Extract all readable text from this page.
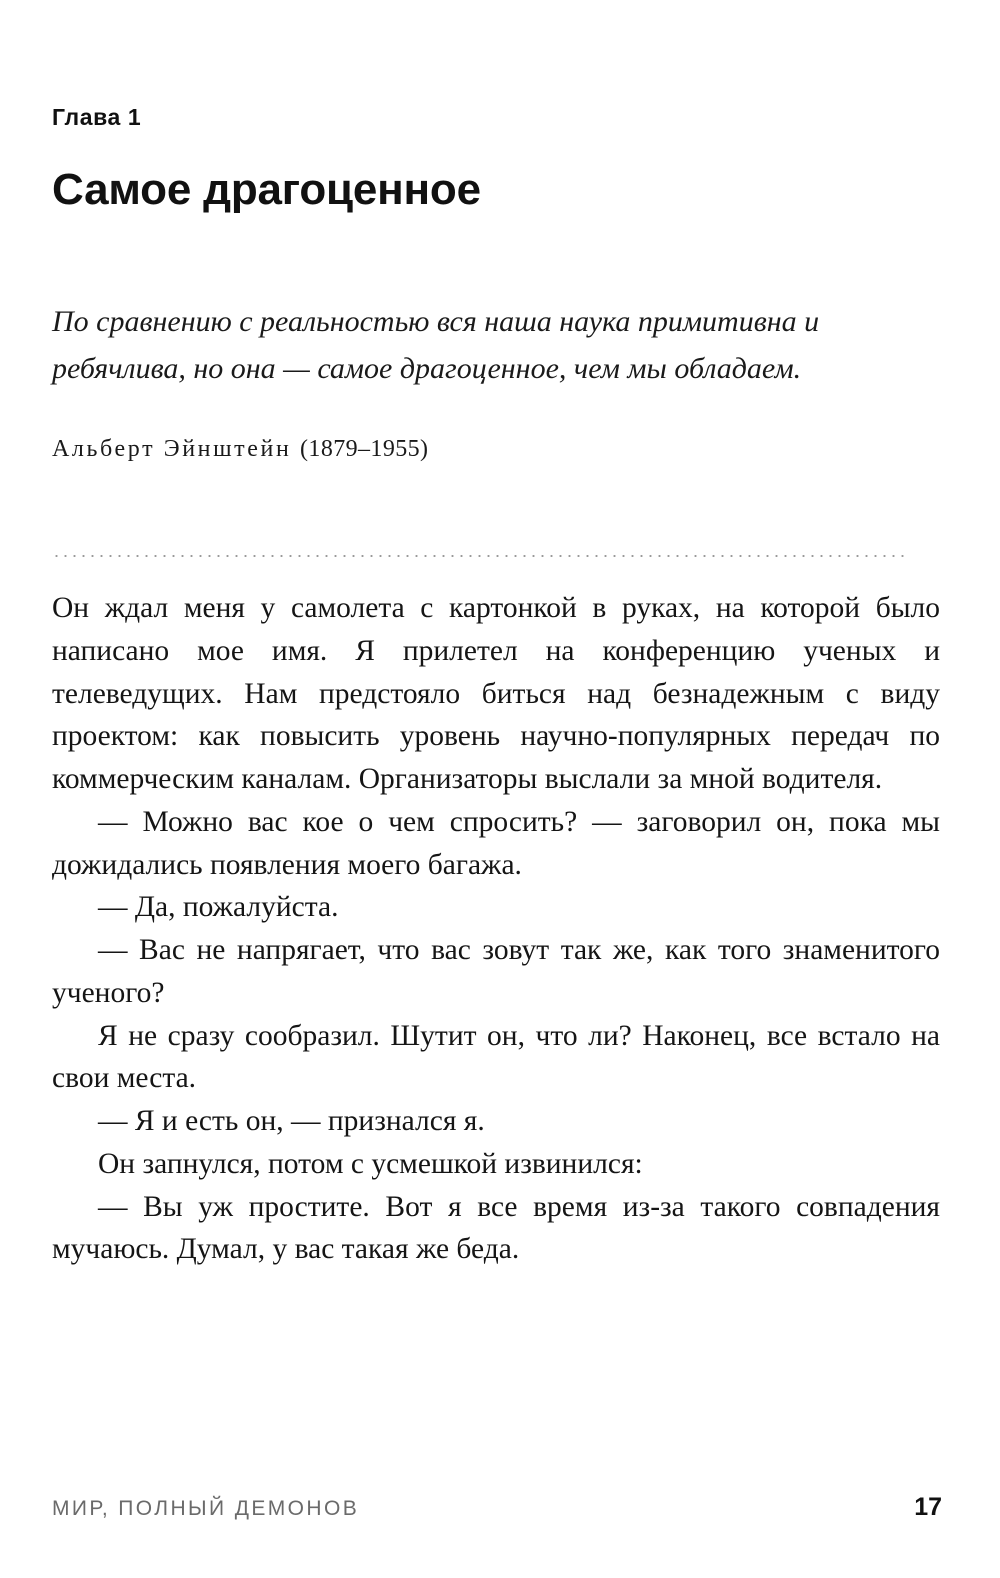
Глава 1
Самое драгоценное
По сравнению с реальностью вся наша наука примитивна и ребячлива, но она — самое драгоценное, чем мы обладаем.
Альберт Эйнштейн (1879–1955)

Он ждал меня у самолета с картонкой в руках, на которой было написано мое имя. Я прилетел на конференцию ученых и телеведущих. Нам предстояло биться над безнадежным с виду проектом: как повысить уровень научно-популярных передач по коммерческим каналам. Организаторы выслали за мной водителя.

— Можно вас кое о чем спросить? — заговорил он, пока мы дожидались появления моего багажа.

— Да, пожалуйста.

— Вас не напрягает, что вас зовут так же, как того знаменитого ученого?

Я не сразу сообразил. Шутит он, что ли? Наконец, все встало на свои места.

— Я и есть он, — признался я.

Он запнулся, потом с усмешкой извинился:

— Вы уж простите. Вот я все время из-за такого совпадения мучаюсь. Думал, у вас такая же беда.

МИР, ПОЛНЫЙ ДЕМОНОВ	17
